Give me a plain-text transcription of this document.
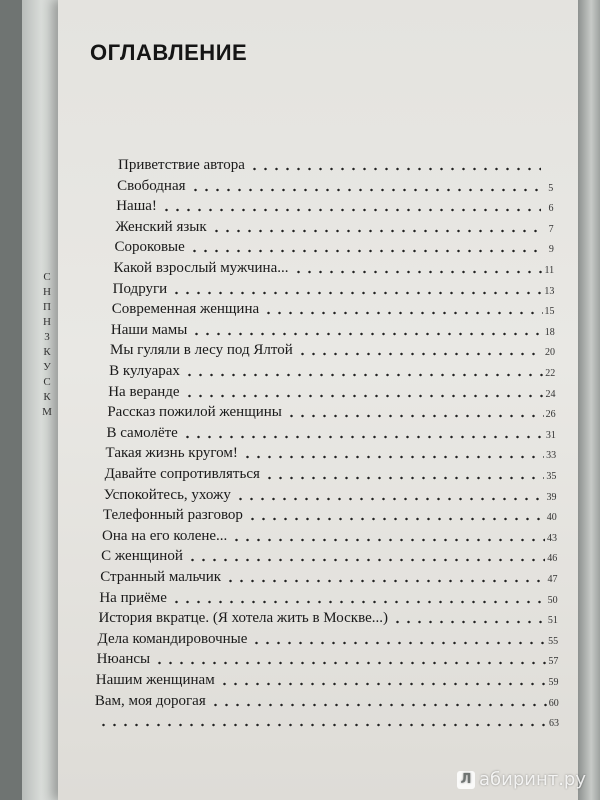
С Н П Н 3 К У С К М
ОГЛАВЛЕНИЕ
Приветствие автора
Свободная	5
Наша!	6
Женский язык	7
Сороковые	9
Какой взрослый мужчина...	11
Подруги	13
Современная женщина	15
Наши мамы	18
Мы гуляли в лесу под Ялтой	20
В кулуарах	22
На веранде	24
Рассказ пожилой женщины	26
В самолёте	31
Такая жизнь кругом!	33
Давайте сопротивляться	35
Успокойтесь, ухожу	39
Телефонный разговор	40
Она на его колене...	43
С женщиной	46
Странный мальчик	47
На приёме	50
История вкратце. (Я хотела жить в Москве...)	51
Дела командировочные	55
Нюансы	57
Нашим женщинам	59
Вам, моя дорогая	60
63
Л абиринт.ру
